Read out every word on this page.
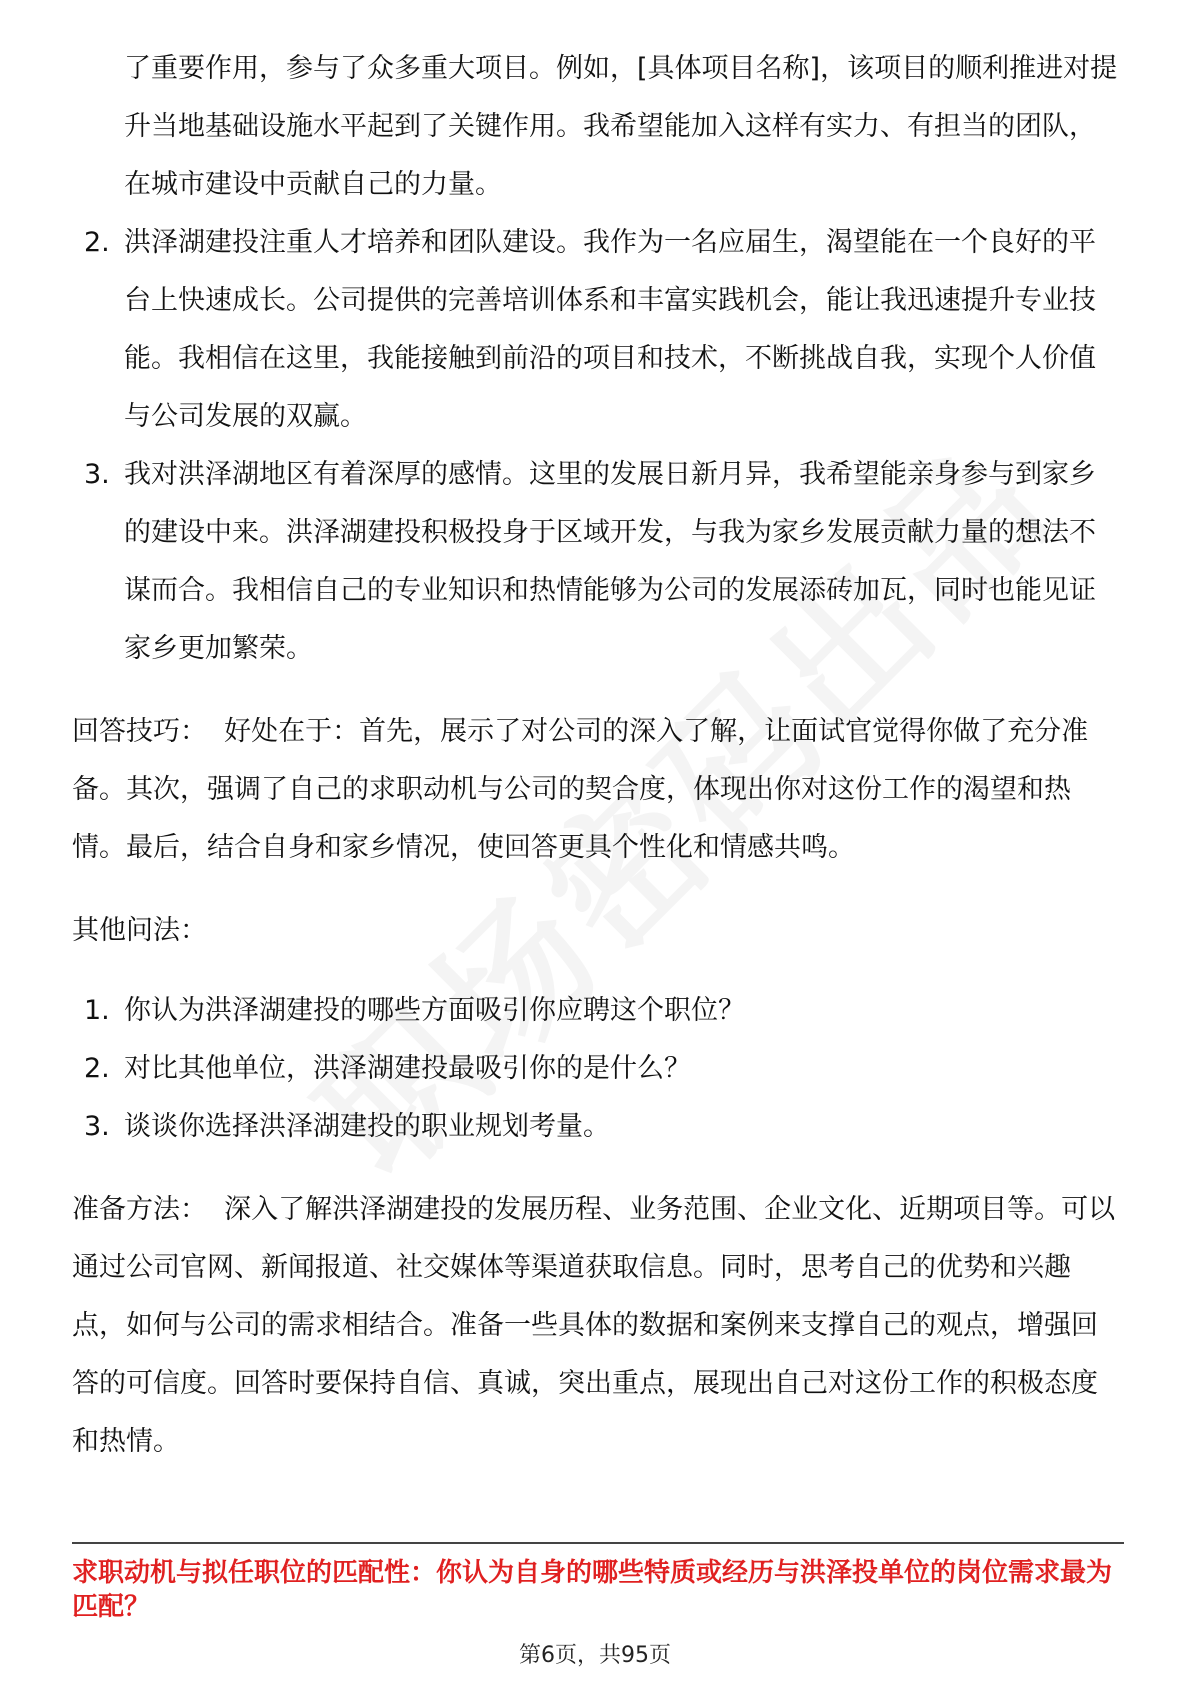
了重要作用，参与了众多重大项目。例如，[具体项目名称]，该项目的顺利推进对提升当地基础设施水平起到了关键作用。我希望能加入这样有实力、有担当的团队，在城市建设中贡献自己的力量。

2. 洪泽湖建投注重人才培养和团队建设。我作为一名应届生，渴望能在一个良好的平台上快速成长。公司提供的完善培训体系和丰富实践机会，能让我迅速提升专业技能。我相信在这里，我能接触到前沿的项目和技术，不断挑战自我，实现个人价值与公司发展的双赢。
3. 我对洪泽湖地区有着深厚的感情。这里的发展日新月异，我希望能亲身参与到家乡的建设中来。洪泽湖建投积极投身于区域开发，与我为家乡发展贡献力量的想法不谋而合。我相信自己的专业知识和热情能够为公司的发展添砖加瓦，同时也能见证家乡更加繁荣。

回答技巧： 好处在于：首先，展示了对公司的深入了解，让面试官觉得你做了充分准备。其次，强调了自己的求职动机与公司的契合度，体现出你对这份工作的渴望和热情。最后，结合自身和家乡情况，使回答更具个性化和情感共鸣。

其他问法：

1. 你认为洪泽湖建投的哪些方面吸引你应聘这个职位？
2. 对比其他单位，洪泽湖建投最吸引你的是什么？
3. 谈谈你选择洪泽湖建投的职业规划考量。

准备方法： 深入了解洪泽湖建投的发展历程、业务范围、企业文化、近期项目等。可以通过公司官网、新闻报道、社交媒体等渠道获取信息。同时，思考自己的优势和兴趣点，如何与公司的需求相结合。准备一些具体的数据和案例来支撑自己的观点，增强回答的可信度。回答时要保持自信、真诚，突出重点，展现出自己对这份工作的积极态度和热情。

求职动机与拟任职位的匹配性：你认为自身的哪些特质或经历与洪泽投单位的岗位需求最为匹配？
第6页，共95页
